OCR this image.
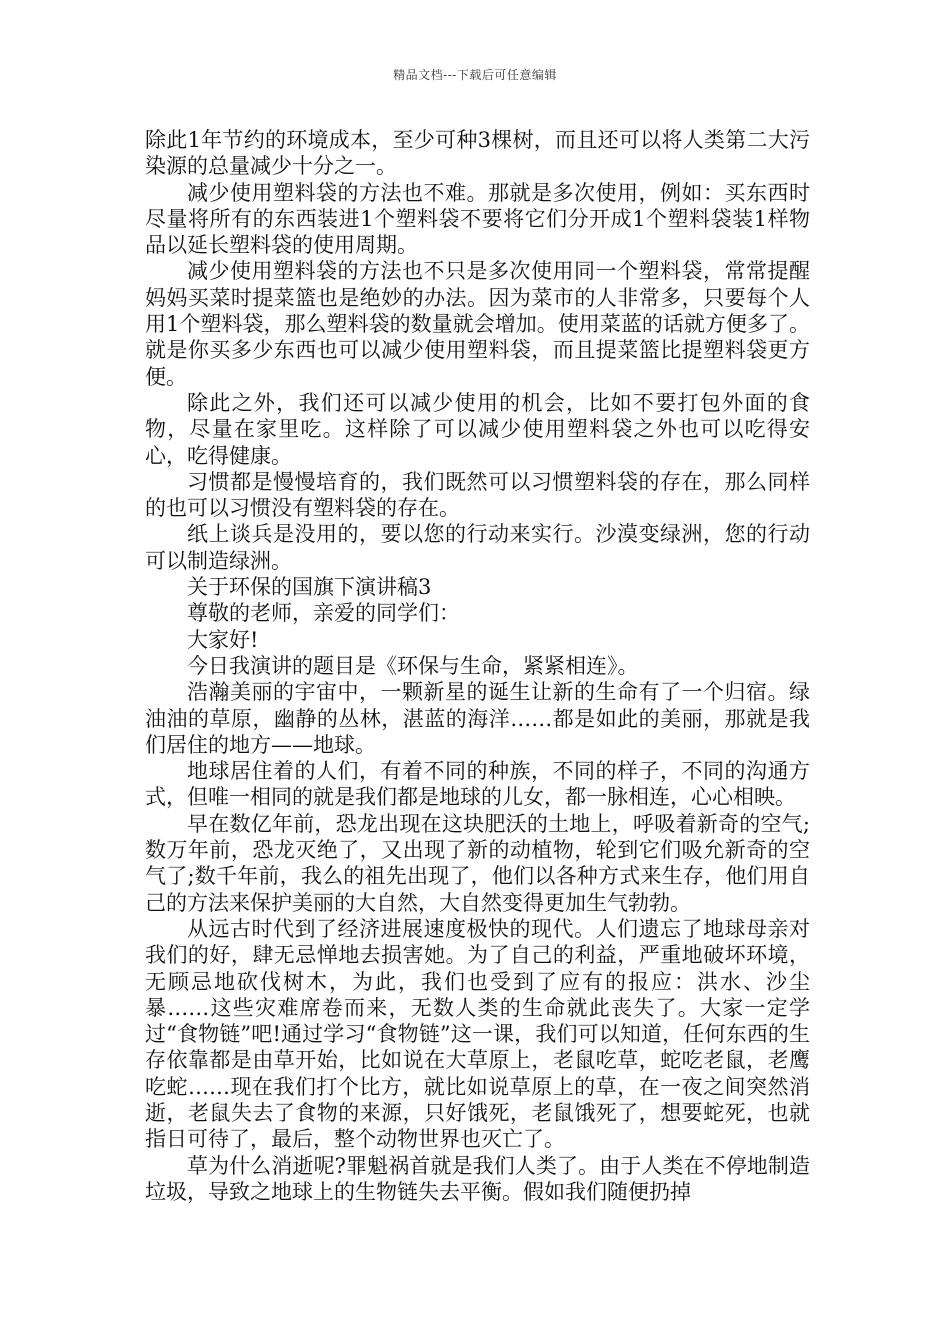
精品文档---下载后可任意编辑

除此1年节约的环境成本，至少可种3棵树，而且还可以将人类第二大污染源的总量减少十分之一。

减少使用塑料袋的方法也不难。那就是多次使用，例如：买东西时尽量将所有的东西装进1个塑料袋不要将它们分开成1个塑料袋装1样物品以延长塑料袋的使用周期。

减少使用塑料袋的方法也不只是多次使用同一个塑料袋，常常提醒妈妈买菜时提菜篮也是绝妙的办法。因为菜市的人非常多，只要每个人用1个塑料袋，那么塑料袋的数量就会增加。使用菜蓝的话就方便多了。就是你买多少东西也可以减少使用塑料袋，而且提菜篮比提塑料袋更方便。

除此之外，我们还可以减少使用的机会，比如不要打包外面的食物，尽量在家里吃。这样除了可以减少使用塑料袋之外也可以吃得安心，吃得健康。

习惯都是慢慢培育的，我们既然可以习惯塑料袋的存在，那么同样的也可以习惯没有塑料袋的存在。

纸上谈兵是没用的，要以您的行动来实行。沙漠变绿洲，您的行动可以制造绿洲。

关于环保的国旗下演讲稿3

尊敬的老师，亲爱的同学们：

大家好!

今日我演讲的题目是《环保与生命，紧紧相连》。

浩瀚美丽的宇宙中，一颗新星的诞生让新的生命有了一个归宿。绿油油的草原，幽静的丛林，湛蓝的海洋……都是如此的美丽，那就是我们居住的地方——地球。

地球居住着的人们，有着不同的种族，不同的样子，不同的沟通方式，但唯一相同的就是我们都是地球的儿女，都一脉相连，心心相映。

早在数亿年前，恐龙出现在这块肥沃的土地上，呼吸着新奇的空气;数万年前，恐龙灭绝了，又出现了新的动植物，轮到它们吸允新奇的空气了;数千年前，我么的祖先出现了，他们以各种方式来生存，他们用自己的方法来保护美丽的大自然，大自然变得更加生气勃勃。

从远古时代到了经济进展速度极快的现代。人们遗忘了地球母亲对我们的好，肆无忌惮地去损害她。为了自己的利益，严重地破坏环境，无顾忌地砍伐树木，为此，我们也受到了应有的报应：洪水、沙尘暴……这些灾难席卷而来，无数人类的生命就此丧失了。大家一定学过“食物链”吧!通过学习“食物链”这一课，我们可以知道，任何东西的生存依靠都是由草开始，比如说在大草原上，老鼠吃草，蛇吃老鼠，老鹰吃蛇……现在我们打个比方，就比如说草原上的草，在一夜之间突然消逝，老鼠失去了食物的来源，只好饿死，老鼠饿死了，想要蛇死，也就指日可待了，最后，整个动物世界也灭亡了。

草为什么消逝呢?罪魁祸首就是我们人类了。由于人类在不停地制造垃圾，导致之地球上的生物链失去平衡。假如我们随便扔掉
